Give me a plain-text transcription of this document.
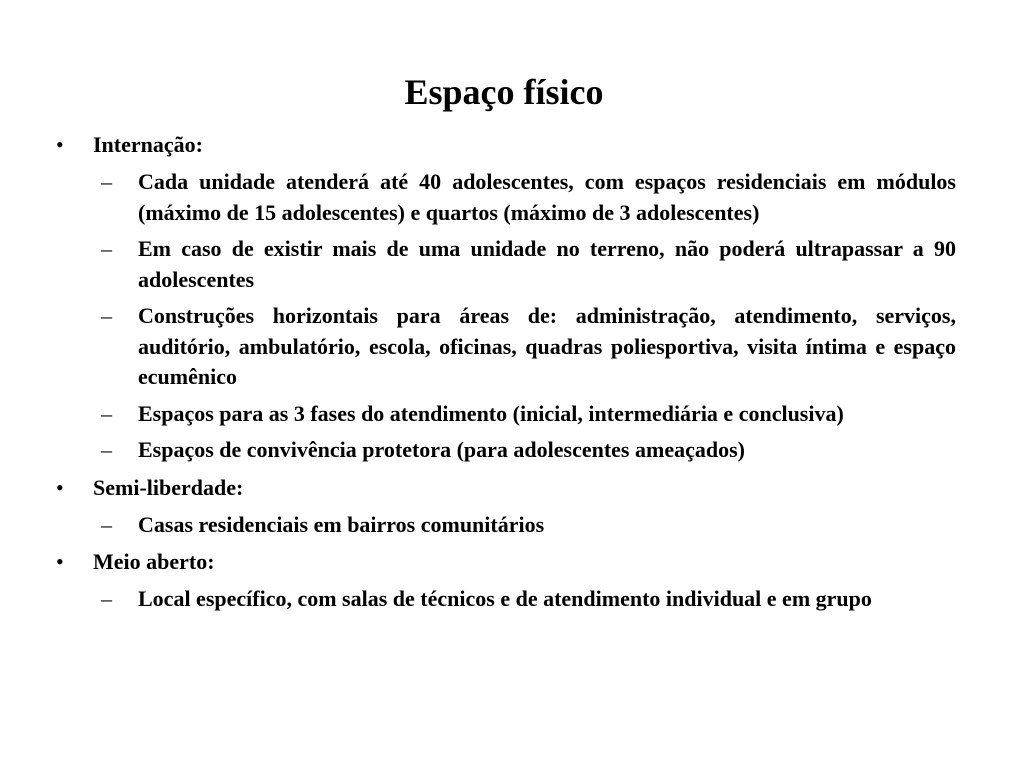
Espaço físico
• Internação:
– Cada unidade atenderá até 40 adolescentes, com espaços residenciais em módulos (máximo de 15 adolescentes) e quartos (máximo de 3 adolescentes)
– Em caso de existir mais de uma unidade no terreno, não poderá ultrapassar a 90 adolescentes
– Construções horizontais para áreas de: administração, atendimento, serviços, auditório, ambulatório, escola, oficinas, quadras poliesportiva, visita íntima e espaço ecumênico
– Espaços para as 3 fases do atendimento (inicial, intermediária e conclusiva)
– Espaços de convivência protetora (para adolescentes ameaçados)
• Semi-liberdade:
– Casas residenciais em bairros comunitários
• Meio aberto:
– Local específico, com salas de técnicos e de atendimento individual e em grupo
